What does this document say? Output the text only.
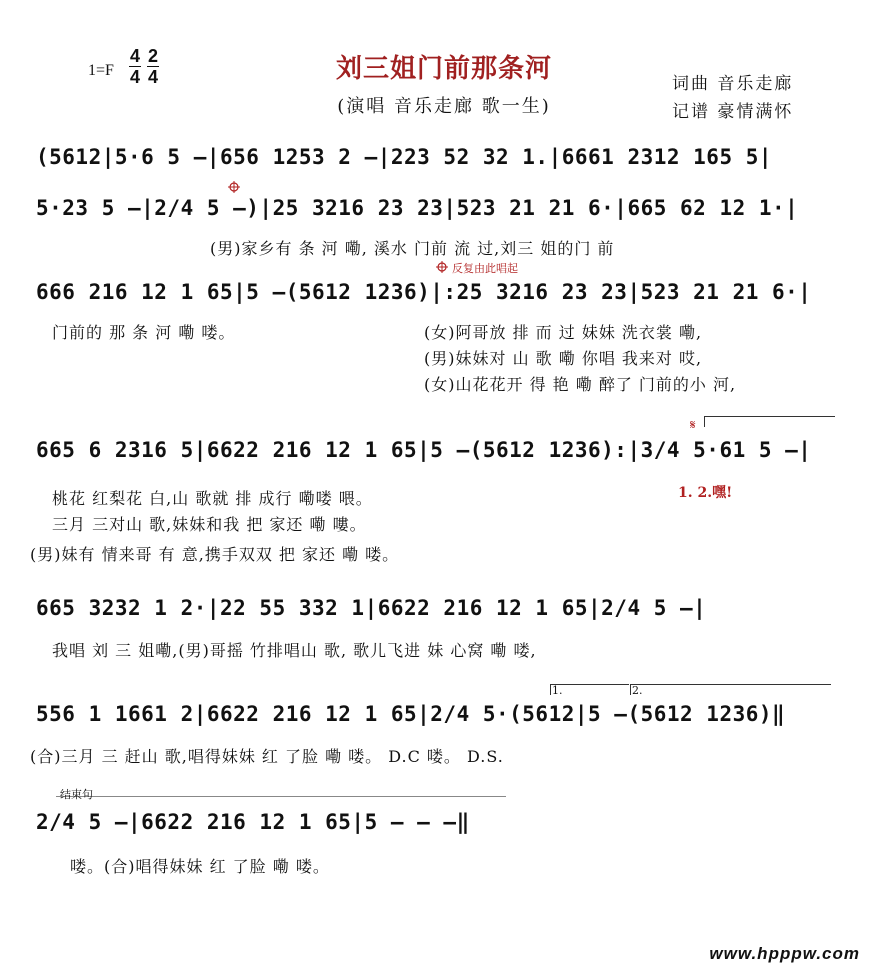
刘三姐门前那条河
(演唱 音乐走廊 歌一生)
1=F
4
4
2
4	词曲 音乐走廊
记谱 豪情满怀
(5612|5·6 5 –|656 1253 2 –|223 52 32 1.|6661 2312 165 5|
5·23 5 –|2/4 5 –)|25 3216 23 23|523 21 21 6·|665 62 12 1·|
(男)家乡有 条 河 嘞, 溪水 门前 流 过,刘三 姐的门 前
反复由此唱起
666 216 12 1 65|5 –(5612 1236)|:25 3216 23 23|523 21 21 6·|
门前的 那 条 河 嘞 喽。	(女)阿哥放 排 而 过 妹妹 洗衣裳 嘞,
(男)妹妹对 山 歌 嘞 你唱 我来对 哎,
(女)山花花开 得 艳 嘞 醉了 门前的小 河,
𝄋
665 6 2316 5|6622 216 12 1 65|5 –(5612 1236):|3/4 5·61 5 –|
桃花 红梨花 白,山 歌就 排 成行 嘞喽 喂。
三月 三对山 歌,妹妹和我 把 家还 嘞 嘍。
(男)妹有 情来哥 有 意,携手双双 把 家还 嘞 喽。
1. 2.嘿!
665 3232 1 2·|22 55 332 1|6622 216 12 1 65|2/4 5 –|
我唱 刘 三 姐嘞,(男)哥摇 竹排唱山 歌, 歌儿飞进 妹 心窝 嘞 喽,
1.	2.
556 1 1661 2|6622 216 12 1 65|2/4 5·(5612|5 –(5612 1236)‖
(合)三月 三 赶山 歌,唱得妹妹 红 了脸 嘞 喽。 D.C 喽。 D.S.
结束句
2/4 5 –|6622 216 12 1 65|5 – – –‖
喽。(合)唱得妹妹 红 了脸 嘞 喽。
www.hpppw.com
